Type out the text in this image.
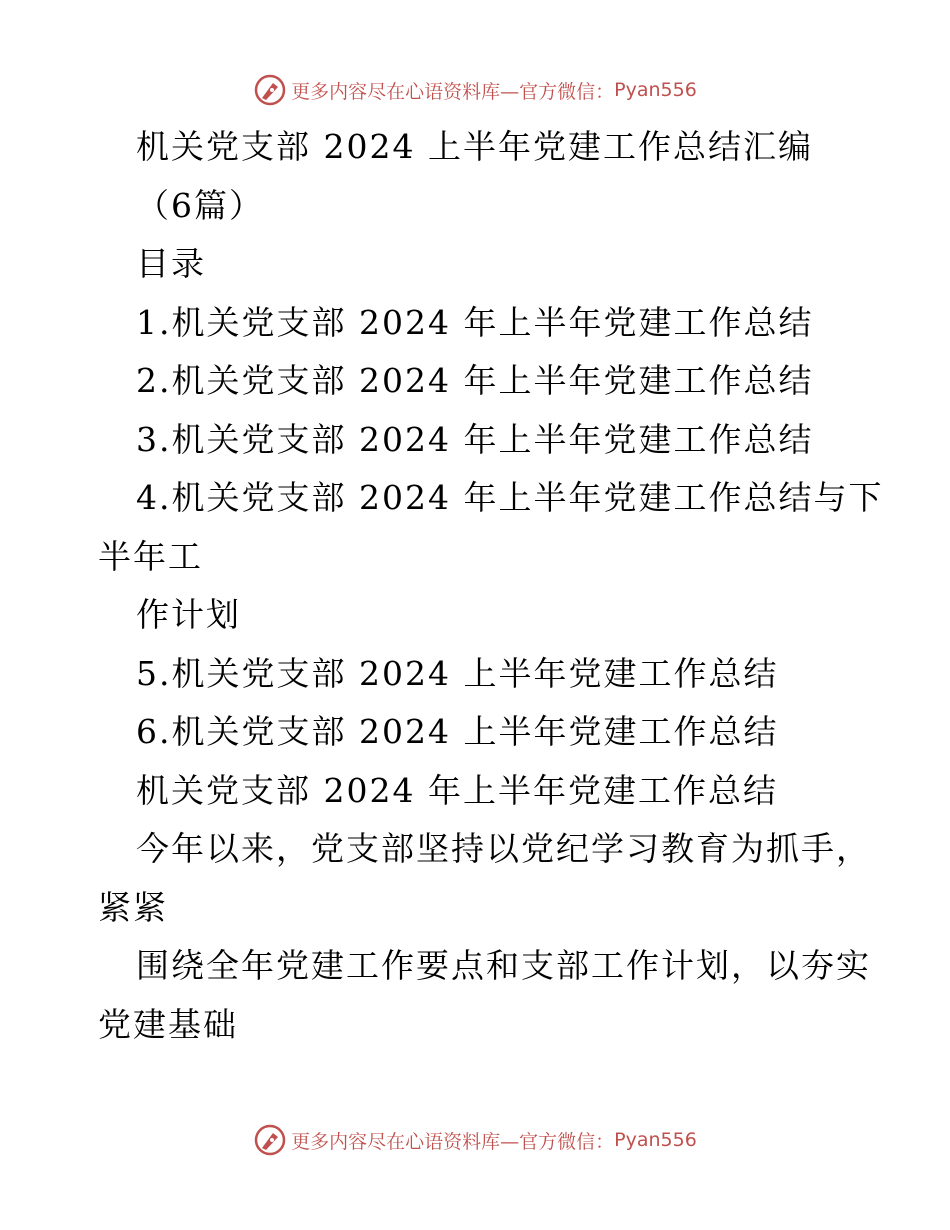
更多内容尽在心语资料库—官方微信： Pyan556
机关党支部 2024 上半年党建工作总结汇编
（6篇）
目录
1.机关党支部 2024 年上半年党建工作总结
2.机关党支部 2024 年上半年党建工作总结
3.机关党支部 2024 年上半年党建工作总结
4.机关党支部 2024 年上半年党建工作总结与下
半年工
作计划
5.机关党支部 2024 上半年党建工作总结
6.机关党支部 2024 上半年党建工作总结
机关党支部 2024 年上半年党建工作总结
今年以来，党支部坚持以党纪学习教育为抓手，
紧紧
围绕全年党建工作要点和支部工作计划，以夯实
党建基础
更多内容尽在心语资料库—官方微信： Pyan556
